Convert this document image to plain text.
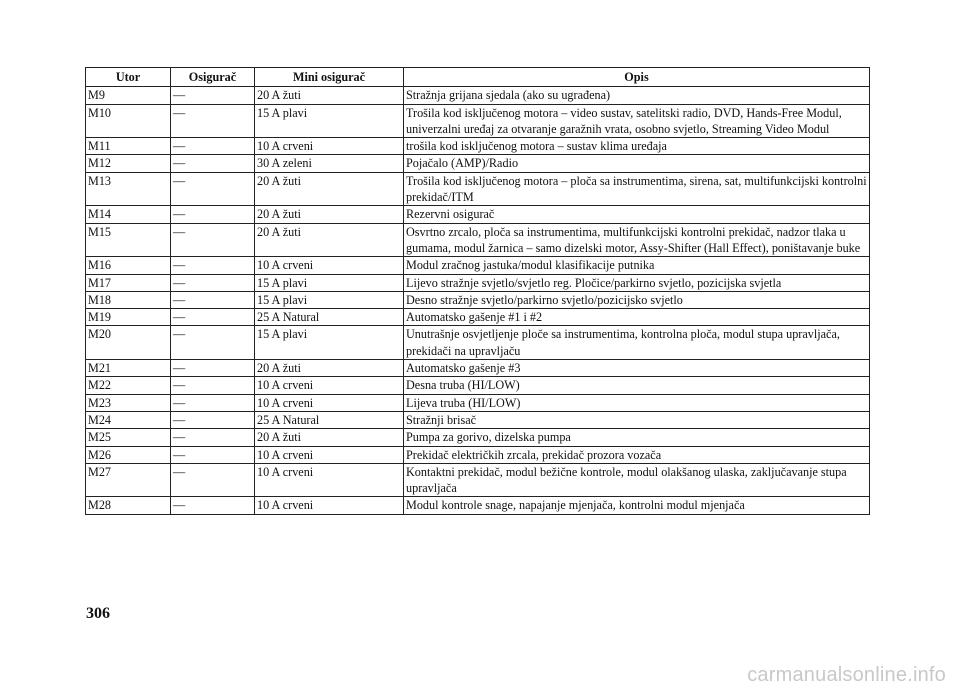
Utor	Osigurač	Mini osigurač	Opis
M9	—	20 A žuti	Stražnja grijana sjedala (ako su ugrađena)
M10	—	15 A plavi	Trošila kod isključenog motora – video sustav, satelitski radio, DVD, Hands-Free Modul, univerzalni uređaj za otvaranje garažnih vrata, osobno svjetlo, Streaming Video Modul
M11	—	10 A crveni	trošila kod isključenog motora – sustav klima uređaja
M12	—	30 A zeleni	Pojačalo (AMP)/Radio
M13	—	20 A žuti	Trošila kod isključenog motora – ploča sa instrumentima, sirena, sat, multifunkcijski kontrolni prekidač/ITM
M14	—	20 A žuti	Rezervni osigurač
M15	—	20 A žuti	Osvrtno zrcalo, ploča sa instrumentima, multifunkcijski kontrolni prekidač, nadzor tlaka u gumama, modul žarnica – samo dizelski motor, Assy-Shifter (Hall Effect), poništavanje buke
M16	—	10 A crveni	Modul zračnog jastuka/modul klasifikacije putnika
M17	—	15 A plavi	Lijevo stražnje svjetlo/svjetlo reg. Pločice/parkirno svjetlo, pozicijska svjetla
M18	—	15 A plavi	Desno stražnje svjetlo/parkirno svjetlo/pozicijsko svjetlo
M19	—	25 A Natural	Automatsko gašenje #1 i #2
M20	—	15 A plavi	Unutrašnje osvjetljenje ploče sa instrumentima, kontrolna ploča, modul stupa upravljača, prekidači na upravljaču
M21	—	20 A žuti	Automatsko gašenje #3
M22	—	10 A crveni	Desna truba (HI/LOW)
M23	—	10 A crveni	Lijeva truba (HI/LOW)
M24	—	25 A Natural	Stražnji brisač
M25	—	20 A žuti	Pumpa za gorivo, dizelska pumpa
M26	—	10 A crveni	Prekidač električkih zrcala, prekidač prozora vozača
M27	—	10 A crveni	Kontaktni prekidač, modul bežične kontrole, modul olakšanog ulaska, zaključavanje stupa upravljača
M28	—	10 A crveni	Modul kontrole snage, napajanje mjenjača, kontrolni modul mjenjača
306
carmanualsonline.info
